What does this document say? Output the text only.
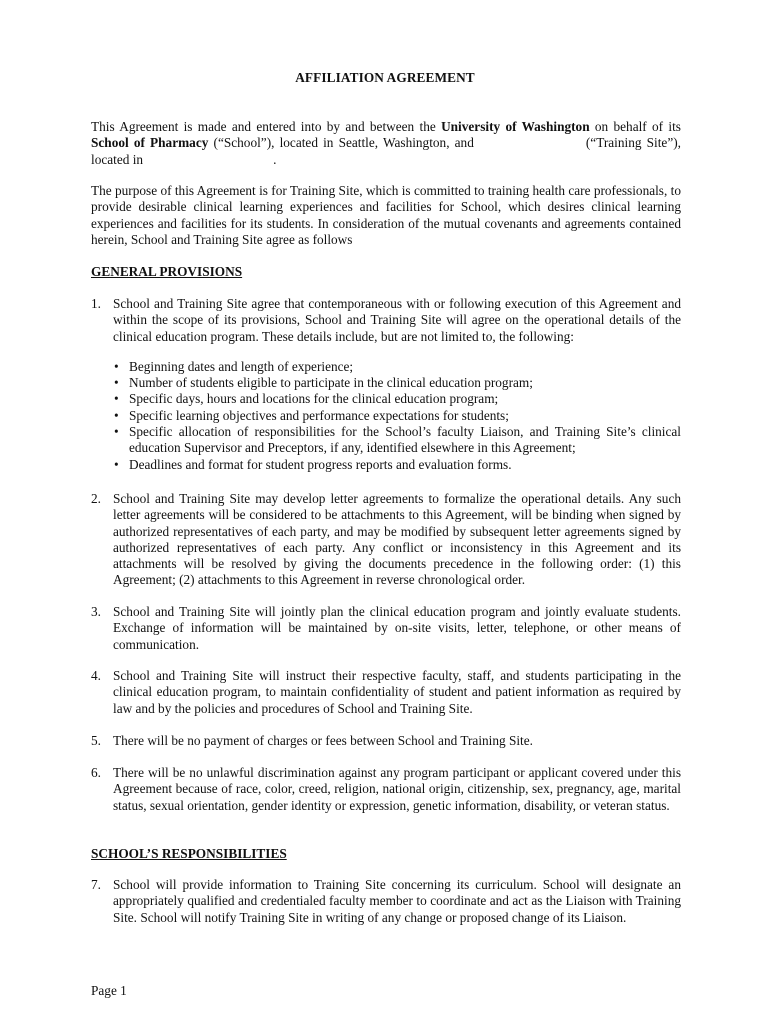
AFFILIATION AGREEMENT
This Agreement is made and entered into by and between the University of Washington on behalf of its School of Pharmacy (“School”), located in Seattle, Washington, and	(“Training Site”), located in	.
The purpose of this Agreement is for Training Site, which is committed to training health care professionals, to provide desirable clinical learning experiences and facilities for School, which desires clinical learning experiences and facilities for its students. In consideration of the mutual covenants and agreements contained herein, School and Training Site agree as follows
GENERAL PROVISIONS
1. School and Training Site agree that contemporaneous with or following execution of this Agreement and within the scope of its provisions, School and Training Site will agree on the operational details of the clinical education program. These details include, but are not limited to, the following:
• Beginning dates and length of experience;
• Number of students eligible to participate in the clinical education program;
• Specific days, hours and locations for the clinical education program;
• Specific learning objectives and performance expectations for students;
• Specific allocation of responsibilities for the School’s faculty Liaison, and Training Site’s clinical education Supervisor and Preceptors, if any, identified elsewhere in this Agreement;
• Deadlines and format for student progress reports and evaluation forms.
2. School and Training Site may develop letter agreements to formalize the operational details. Any such letter agreements will be considered to be attachments to this Agreement, will be binding when signed by authorized representatives of each party, and may be modified by subsequent letter agreements signed by authorized representatives of each party. Any conflict or inconsistency in this Agreement and its attachments will be resolved by giving the documents precedence in the following order: (1) this Agreement; (2) attachments to this Agreement in reverse chronological order.
3. School and Training Site will jointly plan the clinical education program and jointly evaluate students. Exchange of information will be maintained by on-site visits, letter, telephone, or other means of communication.
4. School and Training Site will instruct their respective faculty, staff, and students participating in the clinical education program, to maintain confidentiality of student and patient information as required by law and by the policies and procedures of School and Training Site.
5. There will be no payment of charges or fees between School and Training Site.
6. There will be no unlawful discrimination against any program participant or applicant covered under this Agreement because of race, color, creed, religion, national origin, citizenship, sex, pregnancy, age, marital status, sexual orientation, gender identity or expression, genetic information, disability, or veteran status.
SCHOOL’S RESPONSIBILITIES
7. School will provide information to Training Site concerning its curriculum. School will designate an appropriately qualified and credentialed faculty member to coordinate and act as the Liaison with Training Site. School will notify Training Site in writing of any change or proposed change of its Liaison.
Page 1
